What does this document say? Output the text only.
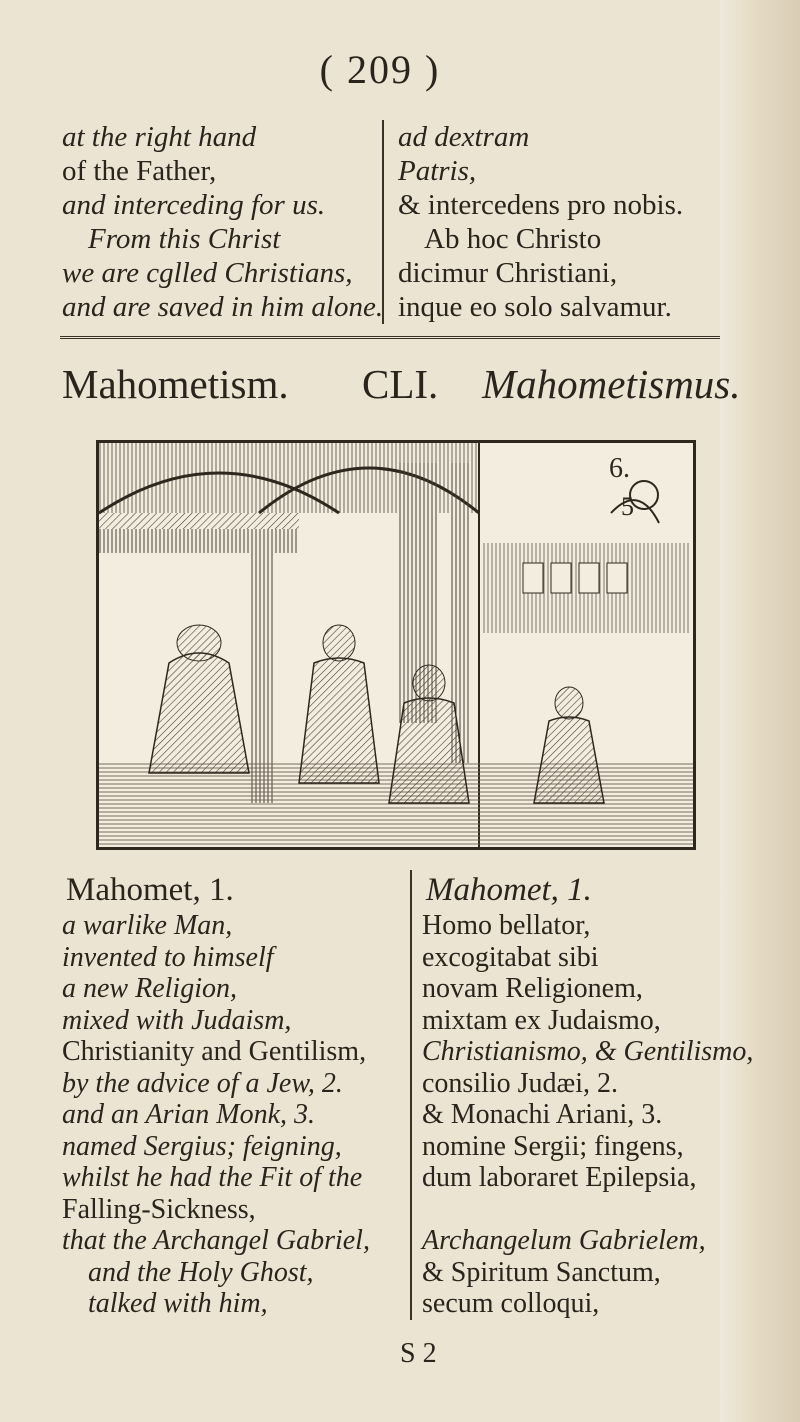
( 209 )
at the right hand
of the Father,
and interceding for us.
From this Christ
we are cglled Christians,
and are saved in him alone.
ad dextram
Patris,
& intercedens pro nobis.
Ab hoc Christo
dicimur Christiani,
inque eo solo salvamur.
Mahometism. CLI. Mahometismus.
6.
5
Mahomet, 1.
a warlike Man,
invented to himself
a new Religion,
mixed with Judaism,
Christianity and Gentilism,
by the advice of a Jew, 2.
and an Arian Monk, 3.
named Sergius; feigning,
whilst he had the Fit of the
Falling-Sickness,
that the Archangel Gabriel,
and the Holy Ghost,
talked with him,
Mahomet, 1.
Homo bellator,
excogitabat sibi
novam Religionem,
mixtam ex Judaismo,
Christianismo, & Gentilismo,
consilio Judæi, 2.
& Monachi Ariani, 3.
nomine Sergii; fingens,
dum laboraret Epilepsia,

Archangelum Gabrielem,
& Spiritum Sanctum,
secum colloqui,
S 2
